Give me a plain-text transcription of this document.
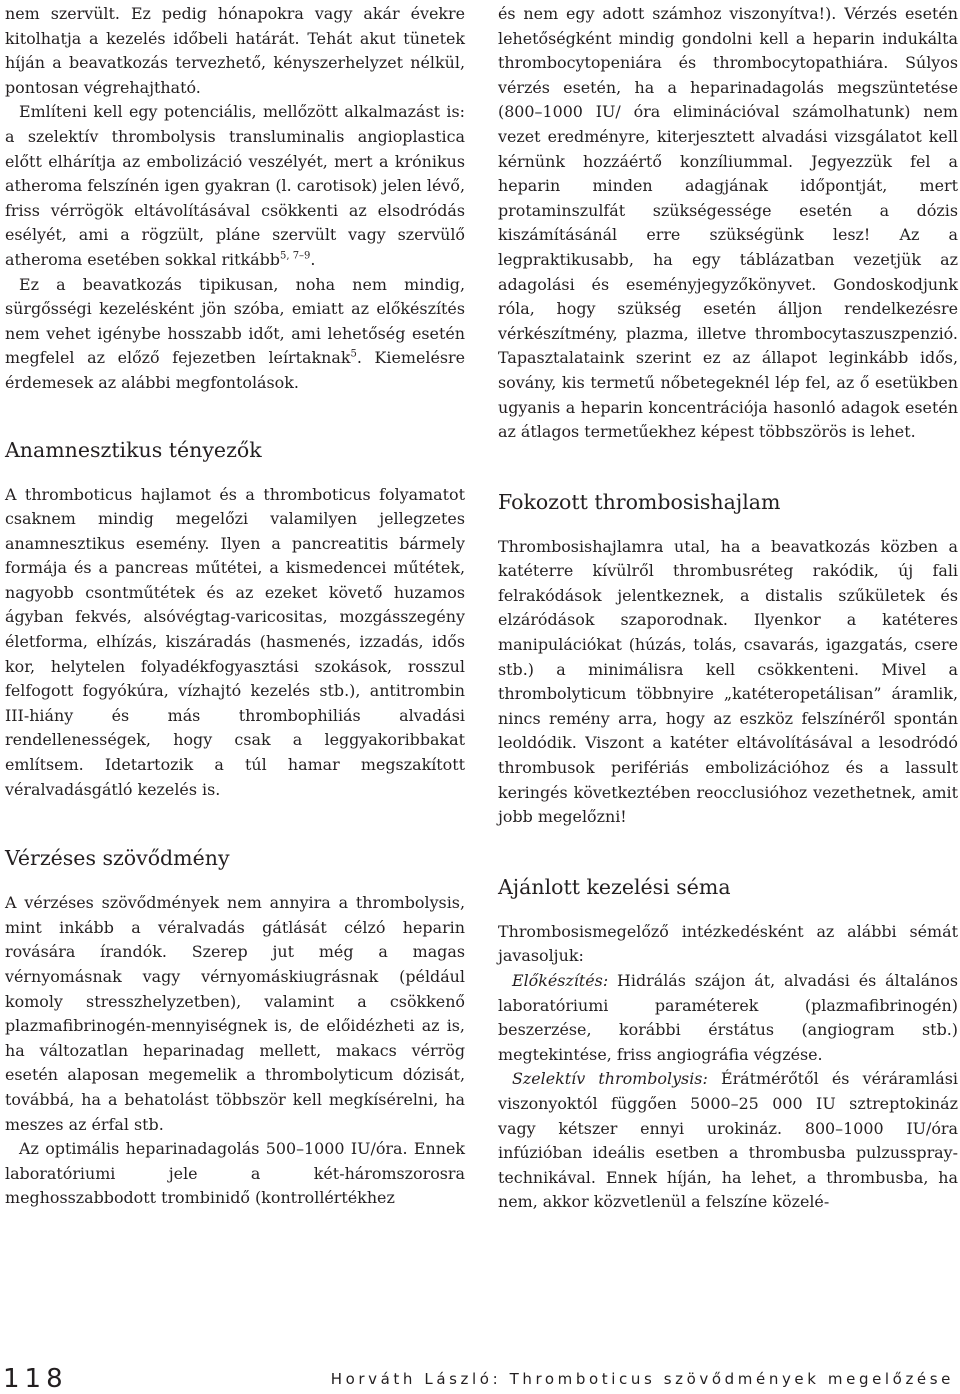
nem szervült. Ez pedig hónapokra vagy akár évekre kitolhatja a kezelés időbeli határát. Tehát akut tünetek híján a beavatkozás tervezhető, kényszerhelyzet nélkül, pontosan végrehajtható.

Említeni kell egy potenciális, mellőzött alkalmazást is: a szelektív thrombolysis transluminalis angioplastica előtt elhárítja az embolizáció veszélyét, mert a krónikus atheroma felszínén igen gyakran (l. carotisok) jelen lévő, friss vérrögök eltávolításával csökkenti az elsodródás esélyét, ami a rögzült, pláne szervült vagy szervülő atheroma esetében sokkal ritkább$^{5, 7-9}$.

Ez a beavatkozás tipikusan, noha nem mindig, sürgősségi kezelésként jön szóba, emiatt az előkészítés nem vehet igénybe hosszabb időt, ami lehetőség esetén megfelel az előző fejezetben leírtaknak$^5$. Kiemelésre érdemesek az alábbi megfontolások.

Anamnesztikus tényezők

A thromboticus hajlamot és a thromboticus folyamatot csaknem mindig megelőzi valamilyen jellegzetes anamnesztikus esemény. Ilyen a pancreatitis bármely formája és a pancreas műtétei, a kismedencei műtétek, nagyobb csontműtétek és az ezeket követő huzamos ágyban fekvés, alsóvégtag-varicositas, mozgásszegény életforma, elhízás, kiszáradás (hasmenés, izzadás, idős kor, helytelen folyadékfogyasztási szokások, rosszul felfogott fogyókúra, vízhajtó kezelés stb.), antitrombin III-hiány és más thrombophiliás alvadási rendellenességek, hogy csak a leggyakoribbakat említsem. Idetartozik a túl hamar megszakított véralvadásgátló kezelés is.

Vérzéses szövődmény

A vérzéses szövődmények nem annyira a thrombolysis, mint inkább a véralvadás gátlását célzó heparin rovására írandók. Szerep jut még a magas vérnyomásnak vagy vérnyomáskiugrásnak (például komoly stresszhelyzetben), valamint a csökkenő plazmafibrinogén-mennyiségnek is, de előidézheti az is, ha változatlan heparinadag mellett, makacs vérrög esetén alaposan megemelik a thrombolyticum dózisát, továbbá, ha a behatolást többször kell megkísérelni, ha meszes az érfal stb.

Az optimális heparinadagolás 500–1000 IU/óra. Ennek laboratóriumi jele a két-háromszorosra meghosszabbodott trombinidő (kontrollértékhez

és nem egy adott számhoz viszonyítva!). Vérzés esetén lehetőségként mindig gondolni kell a heparin indukálta thrombocytopeniára és thrombocytopathiára. Súlyos vérzés esetén, ha a heparinadagolás megszüntetése (800–1000 IU/ óra eliminációval számolhatunk) nem vezet eredményre, kiterjesztett alvadási vizsgálatot kell kérnünk hozzáértő konzíliummal. Jegyezzük fel a heparin minden adagjának időpontját, mert protaminszulfát szükségessége esetén a dózis kiszámításánál erre szükségünk lesz! Az a legpraktikusabb, ha egy táblázatban vezetjük az adagolási és eseményjegyzőkönyvet. Gondoskodjunk róla, hogy szükség esetén álljon rendelkezésre vérkészítmény, plazma, illetve thrombocytaszuszpenzió. Tapasztalataink szerint ez az állapot leginkább idős, sovány, kis termetű nőbetegeknél lép fel, az ő esetükben ugyanis a heparin koncentrációja hasonló adagok esetén az átlagos termetűekhez képest többszörös is lehet.

Fokozott thrombosishajlam

Thrombosishajlamra utal, ha a beavatkozás közben a katéterre kívülről thrombusréteg rakódik, új fali felrakódások jelentkeznek, a distalis szűkületek és elzáródások szaporodnak. Ilyenkor a katéteres manipulációkat (húzás, tolás, csavarás, igazgatás, csere stb.) a minimálisra kell csökkenteni. Mivel a thrombolyticum többnyire „katéteropetálisan” áramlik, nincs remény arra, hogy az eszköz felszínéről spontán leoldódik. Viszont a katéter eltávolításával a lesodródó thrombusok perifériás embolizációhoz és a lassult keringés következtében reocclusióhoz vezethetnek, amit jobb megelőzni!

Ajánlott kezelési séma

Thrombosismegelőző intézkedésként az alábbi sémát javasoljuk:

Előkészítés: Hidrálás szájon át, alvadási és általános laboratóriumi paraméterek (plazmafibrinogén) beszerzése, korábbi érstátus (angiogram stb.) megtekintése, friss angiográfia végzése.

Szelektív thrombolysis: Érátmérőtől és véráramlási viszonyoktól függően 5000–25 000 IU sztreptokináz vagy kétszer ennyi urokináz. 800–1000 IU/óra infúzióban ideális esetben a thrombusba pulzusspray-technikával. Ennek híján, ha lehet, a thrombusba, ha nem, akkor közvetlenül a felszíne közelé-

118	Horváth László: Thromboticus szövődmények megelőzése
